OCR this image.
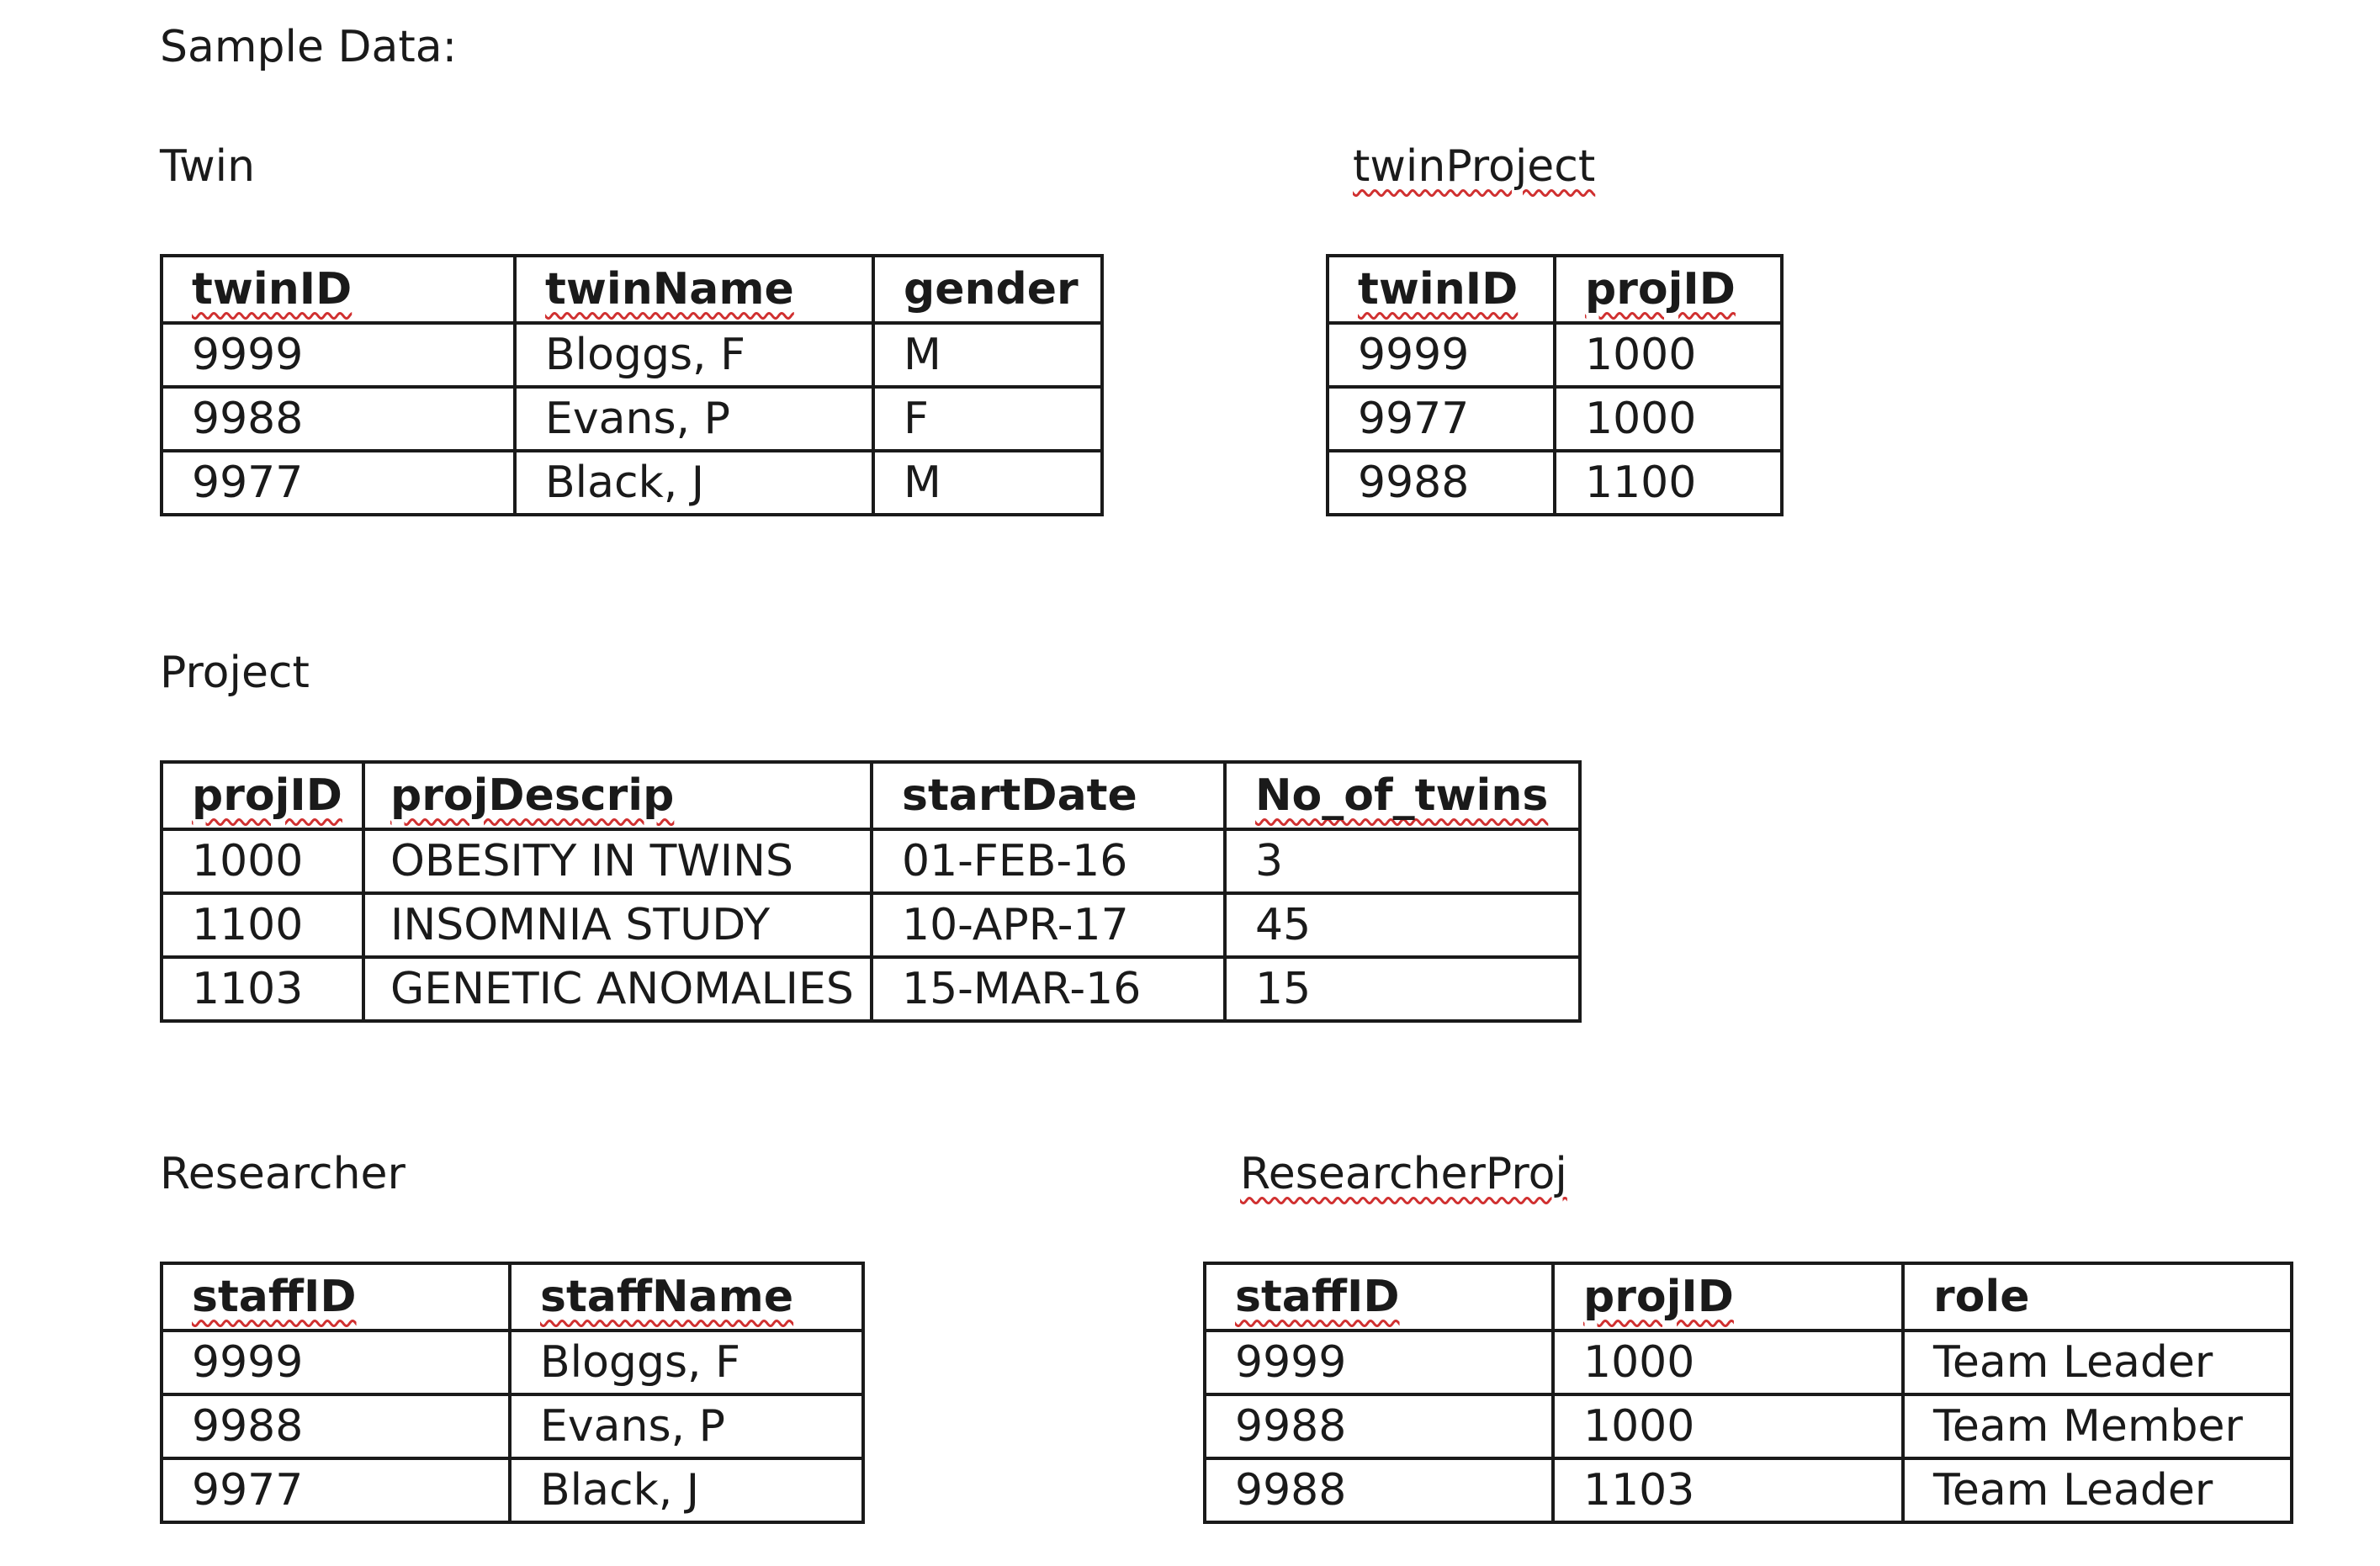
Sample Data:
Twin
twinID	twinName	gender
9999	Bloggs, F	M
9988	Evans, P	F
9977	Black, J	M
twinProject
twinID	projID
9999	1000
9977	1000
9988	1100
Project
projID	projDescrip	startDate	No_of_twins
1000	OBESITY IN TWINS	01-FEB-16	3
1100	INSOMNIA STUDY	10-APR-17	45
1103	GENETIC ANOMALIES	15-MAR-16	15
Researcher
staffID	staffName
9999	Bloggs, F
9988	Evans, P
9977	Black, J
ResearcherProj
staffID	projID	role
9999	1000	Team Leader
9988	1000	Team Member
9988	1103	Team Leader
